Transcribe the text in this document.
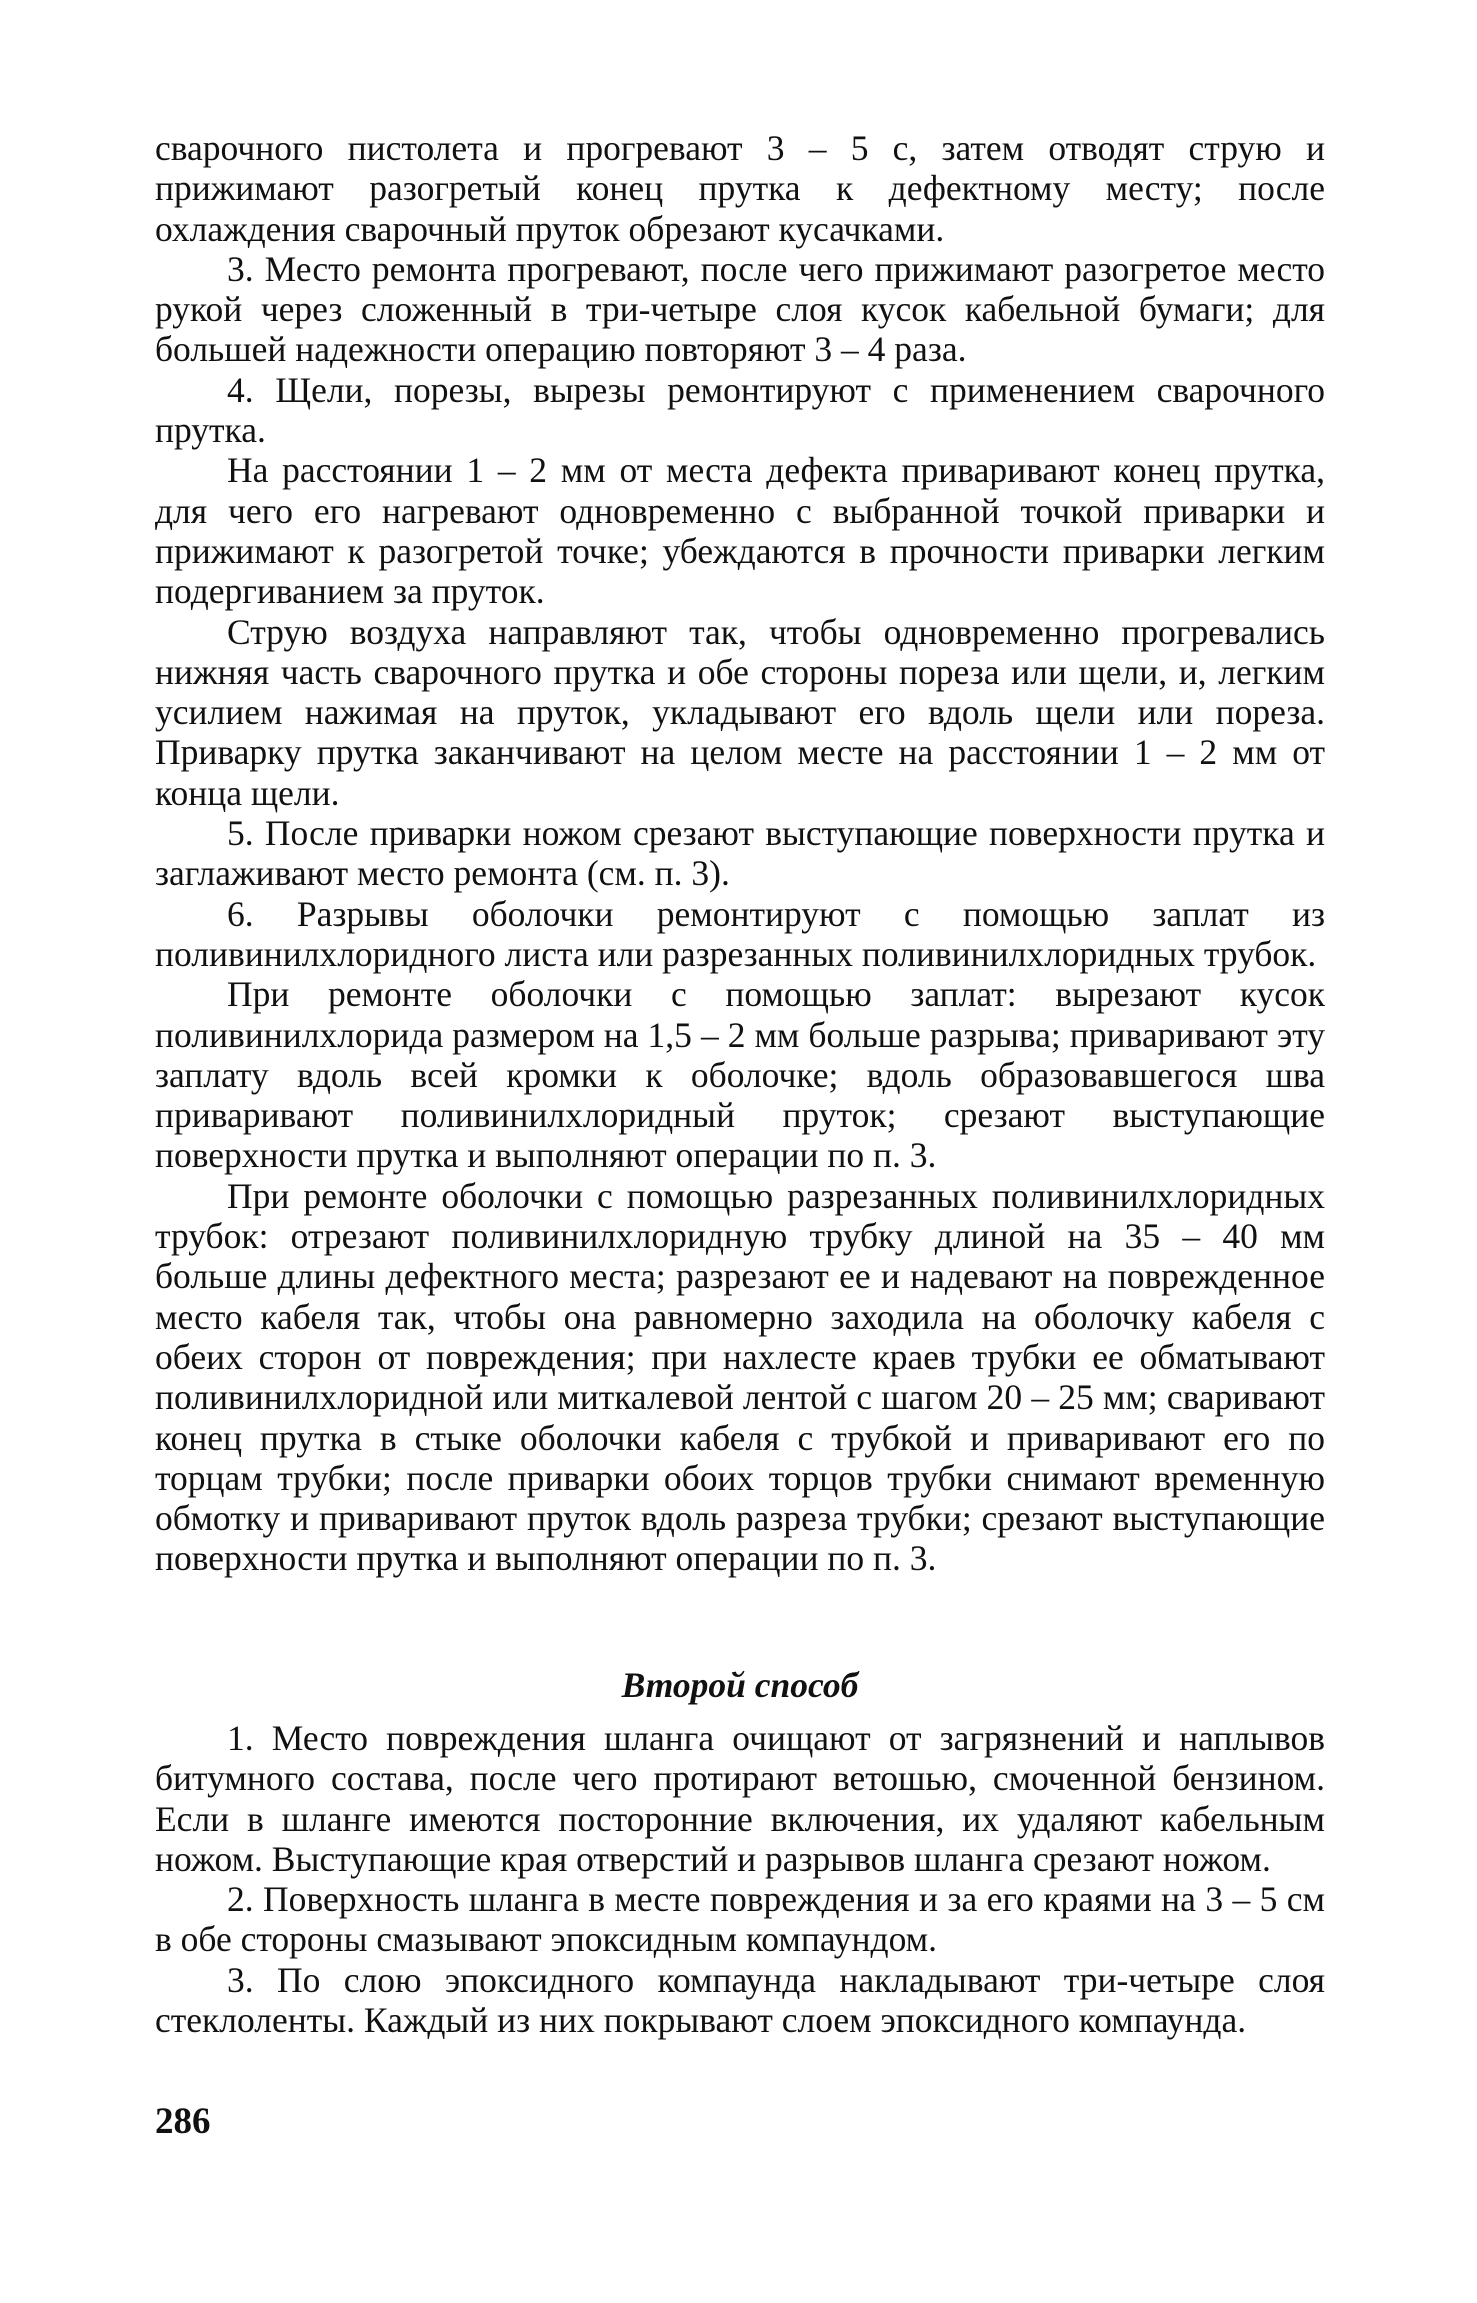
сварочного пистолета и прогревают 3 – 5 с, затем отводят струю и прижимают разогретый конец прутка к дефектному месту; после охлаждения сварочный пруток обрезают кусачками.

3. Место ремонта прогревают, после чего прижимают разогретое место рукой через сложенный в три-четыре слоя кусок кабельной бумаги; для большей надежности операцию повторяют 3 – 4 раза.

4. Щели, порезы, вырезы ремонтируют с применением сварочного прутка.

На расстоянии 1 – 2 мм от места дефекта приваривают конец прутка, для чего его нагревают одновременно с выбранной точкой приварки и прижимают к разогретой точке; убеждаются в прочности приварки легким подергиванием за пруток.

Струю воздуха направляют так, чтобы одновременно прогревались нижняя часть сварочного прутка и обе стороны пореза или щели, и, легким усилием нажимая на пруток, укладывают его вдоль щели или пореза. Приварку прутка заканчивают на целом месте на расстоянии 1 – 2 мм от конца щели.

5. После приварки ножом срезают выступающие поверхности прутка и заглаживают место ремонта (см. п. 3).

6. Разрывы оболочки ремонтируют с помощью заплат из поливинилхлоридного листа или разрезанных поливинилхлоридных трубок.

При ремонте оболочки с помощью заплат: вырезают кусок поливинилхлорида размером на 1,5 – 2 мм больше разрыва; приваривают эту заплату вдоль всей кромки к оболочке; вдоль образовавшегося шва приваривают поливинилхлоридный пруток; срезают выступающие поверхности прутка и выполняют операции по п. 3.

При ремонте оболочки с помощью разрезанных поливинилхлоридных трубок: отрезают поливинилхлоридную трубку длиной на 35 – 40 мм больше длины дефектного места; разрезают ее и надевают на поврежденное место кабеля так, чтобы она равномерно заходила на оболочку кабеля с обеих сторон от повреждения; при нахлесте краев трубки ее обматывают поливинилхлоридной или миткалевой лентой с шагом 20 – 25 мм; сваривают конец прутка в стыке оболочки кабеля с трубкой и приваривают его по торцам трубки; после приварки обоих торцов трубки снимают временную обмотку и приваривают пруток вдоль разреза трубки; срезают выступающие поверхности прутка и выполняют операции по п. 3.

Второй способ

1. Место повреждения шланга очищают от загрязнений и наплывов битумного состава, после чего протирают ветошью, смоченной бензином. Если в шланге имеются посторонние включения, их удаляют кабельным ножом. Выступающие края отверстий и разрывов шланга срезают ножом.

2. Поверхность шланга в месте повреждения и за его краями на 3 – 5 см в обе стороны смазывают эпоксидным компаундом.

3. По слою эпоксидного компаунда накладывают три-четыре слоя стеклоленты. Каждый из них покрывают слоем эпоксидного компаунда.

286
